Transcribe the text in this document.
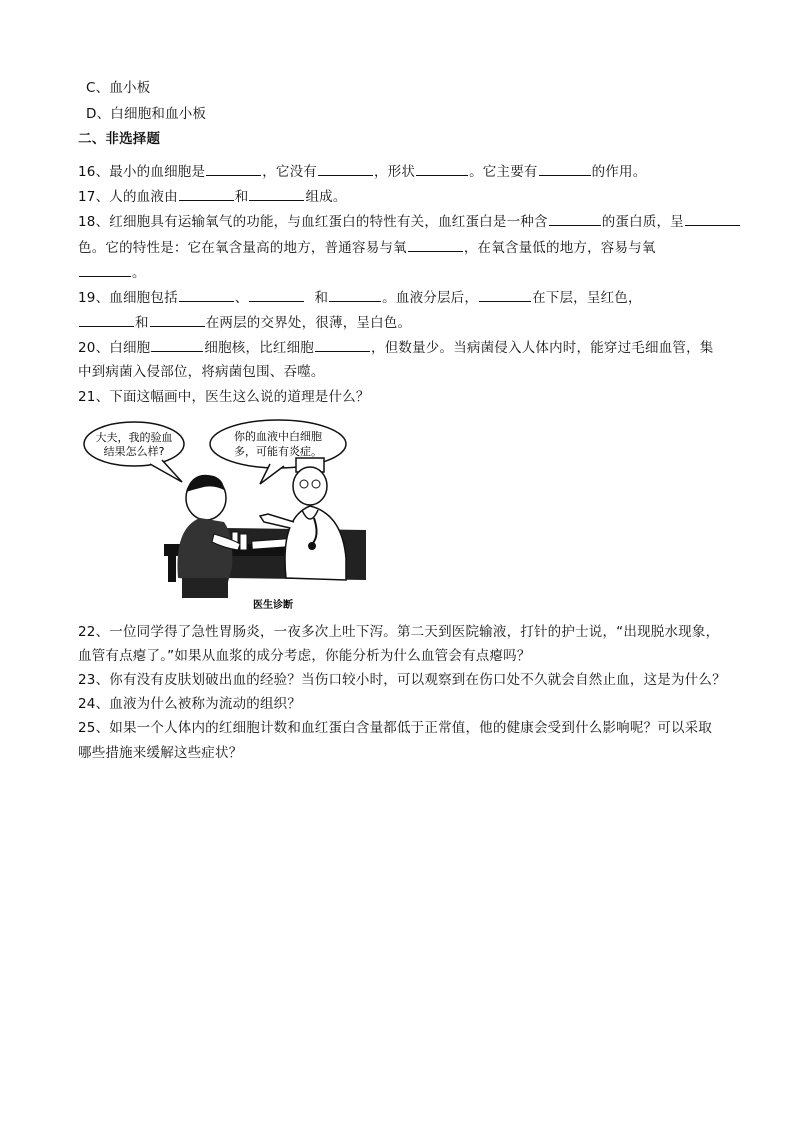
C、血小板
D、白细胞和血小板
二、非选择题
16、最小的血细胞是	，它没有	，形状	。它主要有	的作用。
17、人的血液由	和	组成。
18、红细胞具有运输氧气的功能，与血红蛋白的特性有关，血红蛋白是一种含	的蛋白质，呈
色。它的特性是：它在氧含量高的地方，普通容易与氧	，在氧含量低的地方，容易与氧
。
19、血细胞包括	、	和	。血液分层后，	在下层，呈红色，
和	在两层的交界处，很薄，呈白色。
20、白细胞	细胞核，比红细胞	，但数量少。当病菌侵入人体内时，能穿过毛细血管，集
中到病菌入侵部位，将病菌包围、吞噬。
21、下面这幅画中，医生这么说的道理是什么？
大夫，我的验血
结果怎么样?
你的血液中白细胞
多，可能有炎症。
医生诊断
22、一位同学得了急性胃肠炎，一夜多次上吐下泻。第二天到医院输液，打针的护士说，“出现脱水现象，
血管有点瘪了。”如果从血浆的成分考虑，你能分析为什么血管会有点瘪吗？
23、你有没有皮肤划破出血的经验？当伤口较小时，可以观察到在伤口处不久就会自然止血，这是为什么？
24、血液为什么被称为流动的组织？
25、如果一个人体内的红细胞计数和血红蛋白含量都低于正常值，他的健康会受到什么影响呢？可以采取
哪些措施来缓解这些症状？
